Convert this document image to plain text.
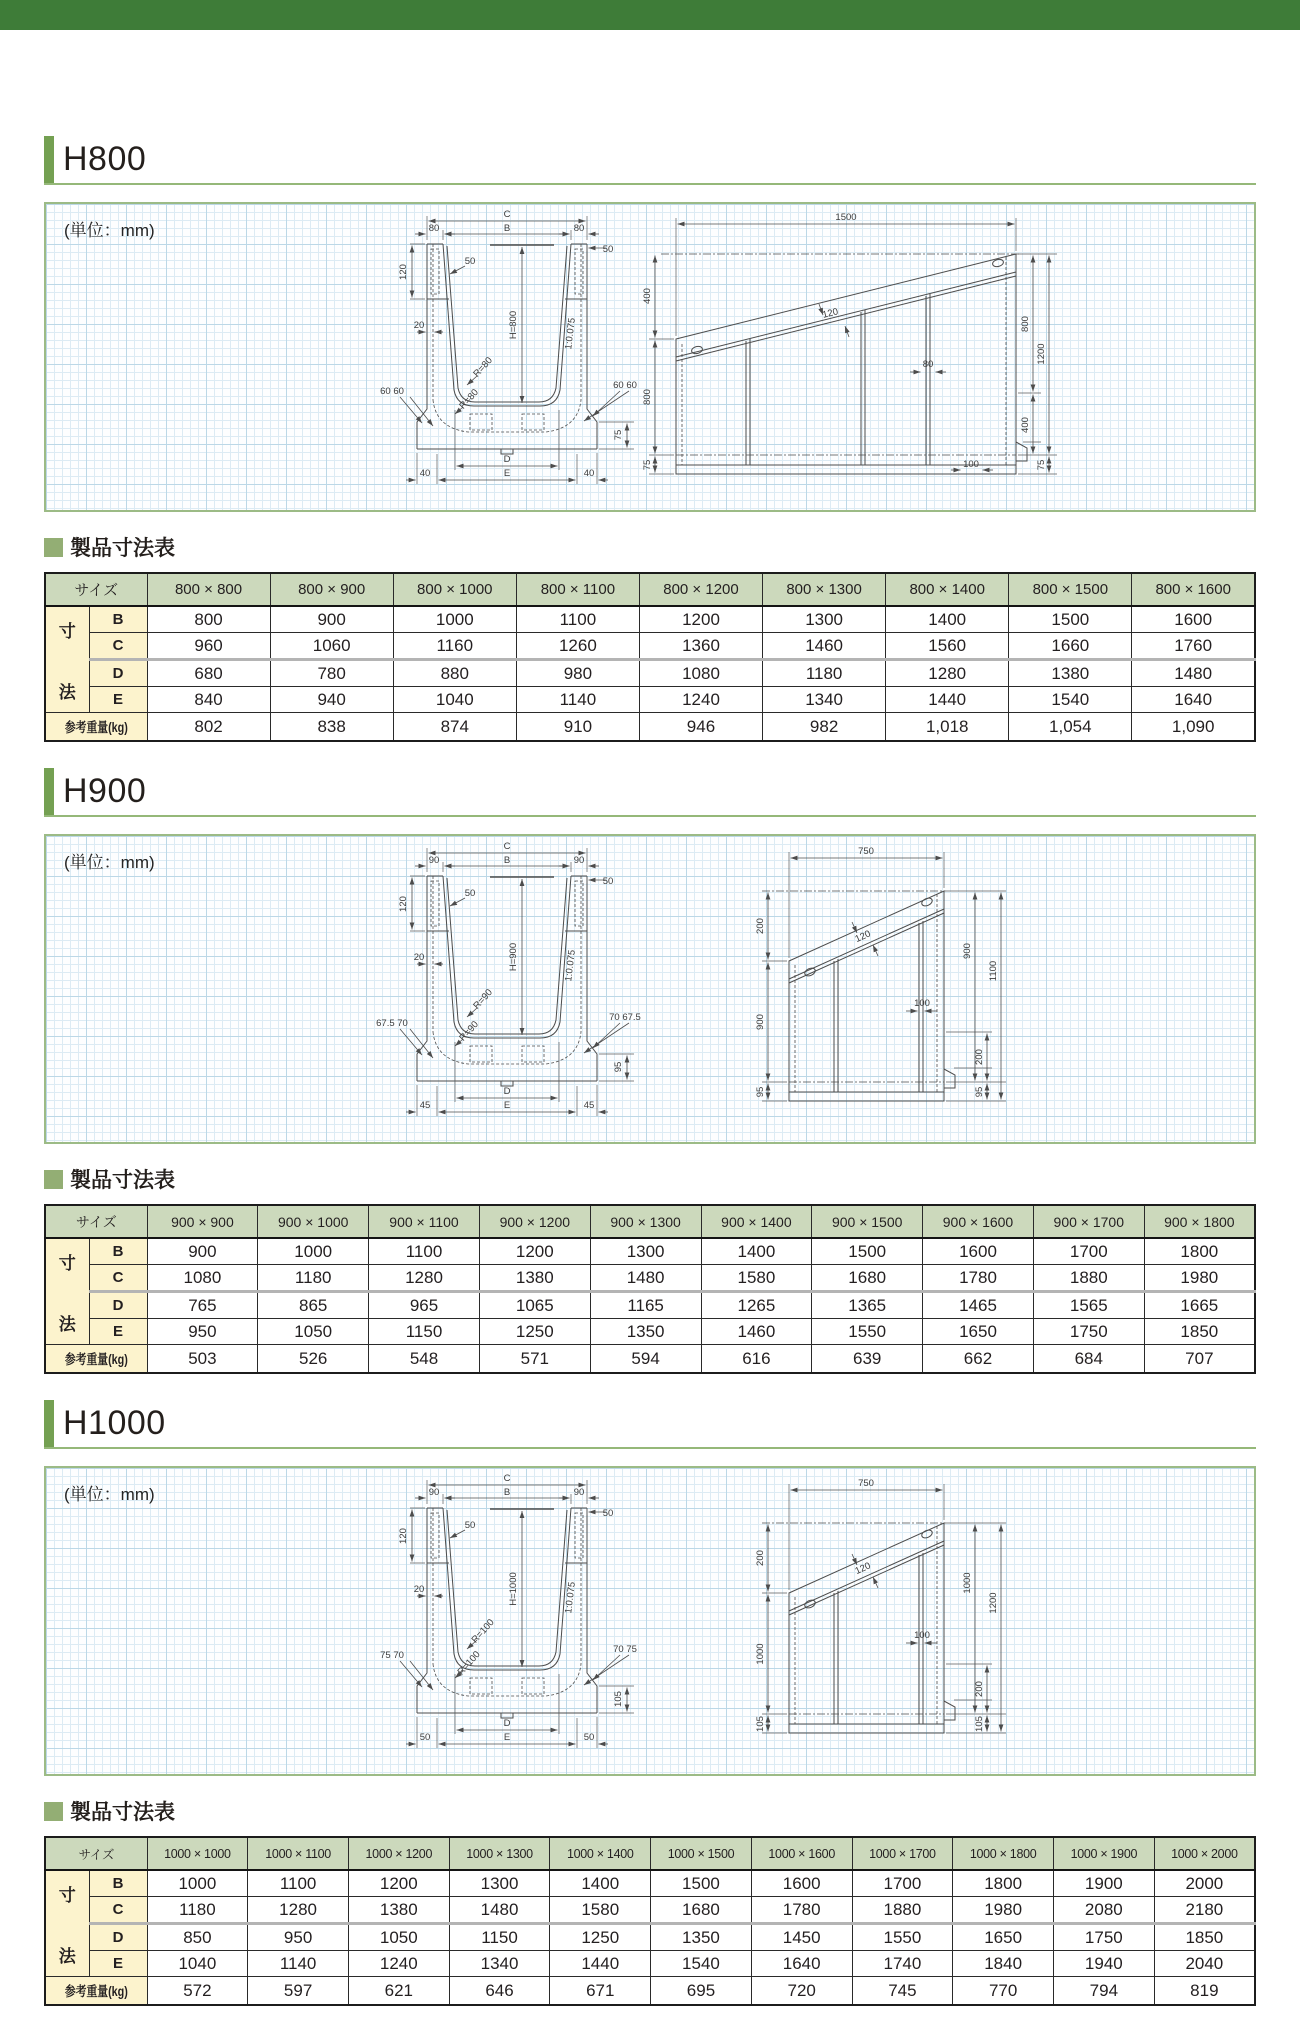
H800
(単位：mm)
C
B
80	80
50
120
50
20	H=800	1:0.075
R=80
R=80
60 60
60 60
D
E
40	40
75
1500
400
800
75
120
800
1200
80
400
100	75
製品寸法表
サイズ		800 × 800	800 × 900	800 × 1000	800 × 1100	800 × 1200	800 × 1300	800 × 1400	800 × 1500	800 × 1600

寸
法	B	800	900	1000	1100	1200	1300	1400	1500	1600
	C	960	1060	1160	1260	1360	1460	1560	1660	1760
	D	680	780	880	980	1080	1180	1280	1380	1480
	E	840	940	1040	1140	1240	1340	1440	1540	1640
参考重量(kg)		802	838	874	910	946	982	1,018	1,054	1,090
H900
(単位：mm)
C
B
90	90
50
120
50
20	H=900	1:0.075
R=90
R=90
67.5 70
70 67.5
D
E
45	45
95
750
200
900
95
120
900
1100
100
200
95
製品寸法表
サイズ		900 × 900	900 × 1000	900 × 1100	900 × 1200	900 × 1300	900 × 1400	900 × 1500	900 × 1600	900 × 1700	900 × 1800

寸
法	B	900	1000	1100	1200	1300	1400	1500	1600	1700	1800
	C	1080	1180	1280	1380	1480	1580	1680	1780	1880	1980
	D	765	865	965	1065	1165	1265	1365	1465	1565	1665
	E	950	1050	1150	1250	1350	1460	1550	1650	1750	1850
参考重量(kg)		503	526	548	571	594	616	639	662	684	707
H1000
(単位：mm)
C
B
90	90
50
120
50
20	H=1000	1:0.075
R=100
R=100
75 70
70 75
D
E
50	50
105
750
200
1000
105
120
1000
1200
100
200
105
製品寸法表
サイズ		1000 × 1000	1000 × 1100	1000 × 1200	1000 × 1300	1000 × 1400	1000 × 1500	1000 × 1600	1000 × 1700	1000 × 1800	1000 × 1900	1000 × 2000

寸
法	B	1000	1100	1200	1300	1400	1500	1600	1700	1800	1900	2000
	C	1180	1280	1380	1480	1580	1680	1780	1880	1980	2080	2180
	D	850	950	1050	1150	1250	1350	1450	1550	1650	1750	1850
	E	1040	1140	1240	1340	1440	1540	1640	1740	1840	1940	2040
参考重量(kg)		572	597	621	646	671	695	720	745	770	794	819
